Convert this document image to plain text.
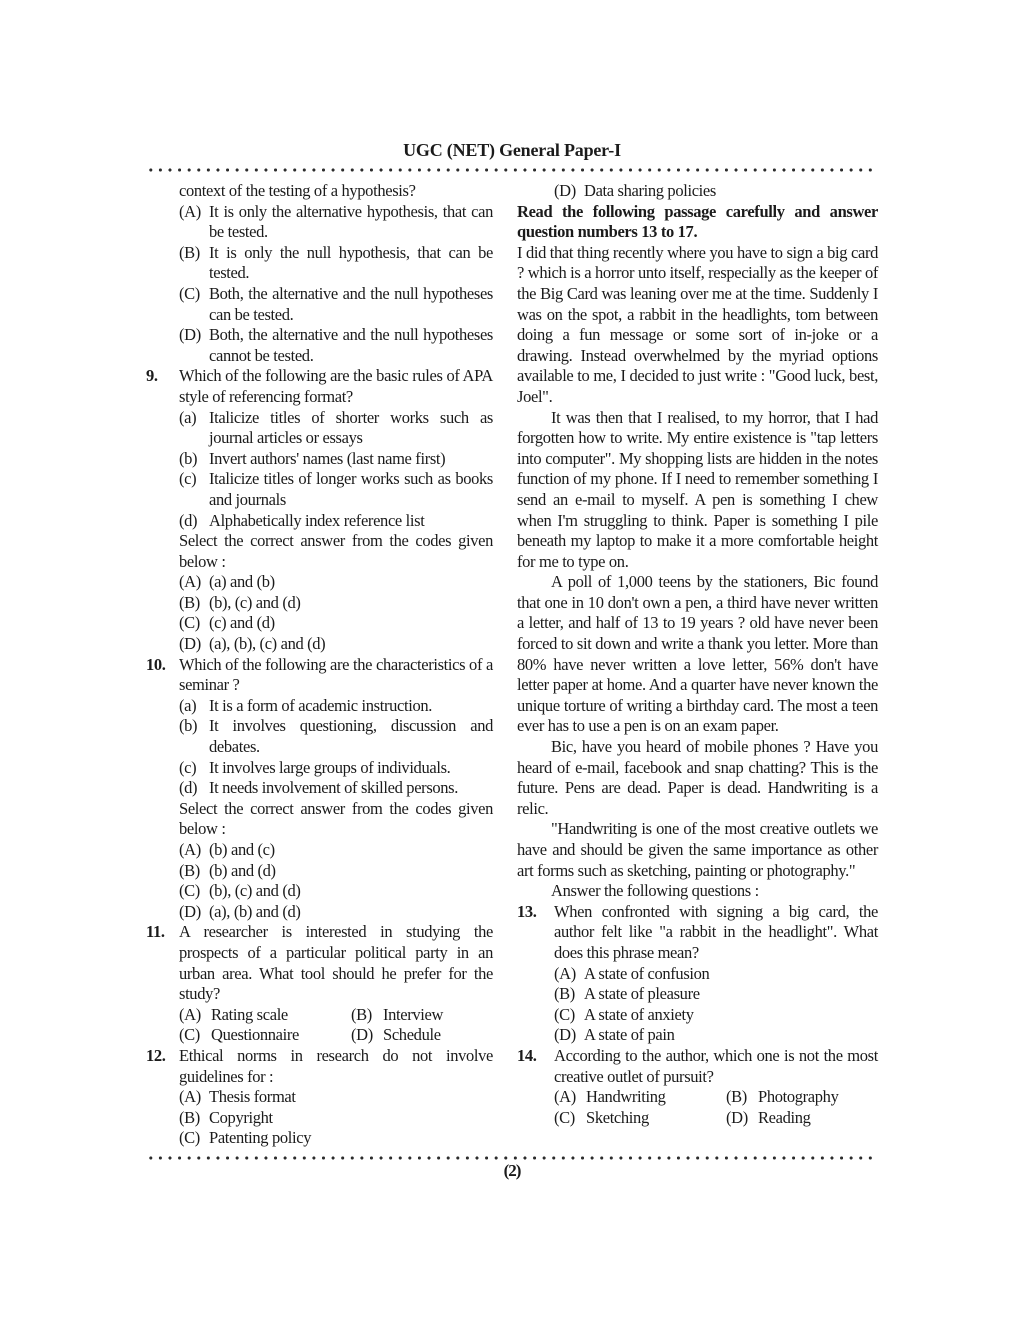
UGC (NET) General Paper-I
context of the testing of a hypothesis?
(A) It is only the alternative hypothesis, that can be tested.
(B) It is only the null hypothesis, that can be tested.
(C) Both, the alternative and the null hypotheses can be tested.
(D) Both, the alternative and the null hypotheses cannot be tested.
9.	Which of the following are the basic rules of APA style of referencing format?
(a) Italicize titles of shorter works such as journal articles or essays
(b) Invert authors' names (last name first)
(c) Italicize titles of longer works such as books and journals
(d) Alphabetically index reference list
Select the correct answer from the codes given below :
(A) (a) and (b)
(B) (b), (c) and (d)
(C) (c) and (d)
(D) (a), (b), (c) and (d)
10. Which of the following are the characteristics of a seminar ?
(a) It is a form of academic instruction.
(b) It involves questioning, discussion and debates.
(c) It involves large groups of individuals.
(d) It needs involvement of skilled persons.
Select the correct answer from the codes given below :
(A) (b) and (c)
(B) (b) and (d)
(C) (b), (c) and (d)
(D) (a), (b) and (d)
11. A researcher is interested in studying the prospects of a particular political party in an urban area. What tool should he prefer for the study?
(A) Rating scale	(B) Interview
(C) Questionnaire	(D) Schedule
12. Ethical norms in research do not involve guidelines for :
(A) Thesis format
(B) Copyright
(C) Patenting policy
(D) Data sharing policies
Read the following passage carefully and answer question numbers 13 to 17.
I did that thing recently where you have to sign a big card ? which is a horror unto itself, respecially as the keeper of the Big Card was leaning over me at the time. Suddenly I was on the spot, a rabbit in the headlights, tom between doing a fun message or some sort of in-joke or a drawing. Instead overwhelmed by the myriad options available to me, I decided to just write : "Good luck, best, Joel".
It was then that I realised, to my horror, that I had forgotten how to write. My entire existence is "tap letters into computer". My shopping lists are hidden in the notes function of my phone. If I need to remember something I send an e-mail to myself. A pen is something I chew when I'm struggling to think. Paper is something I pile beneath my laptop to make it a more comfortable height for me to type on.
A poll of 1,000 teens by the stationers, Bic found that one in 10 don't own a pen, a third have never written a letter, and half of 13 to 19 years ? old have never been forced to sit down and write a thank you letter. More than 80% have never written a love letter, 56% don't have letter paper at home. And a quarter have never known the unique torture of writing a birthday card. The most a teen ever has to use a pen is on an exam paper.
Bic, have you heard of mobile phones ? Have you heard of e-mail, facebook and snap chatting? This is the future. Pens are dead. Paper is dead. Handwriting is a relic.
"Handwriting is one of the most creative outlets we have and should be given the same importance as other art forms such as sketching, painting or photography."
Answer the following questions :
13.	When confronted with signing a big card, the author felt like "a rabbit in the headlight". What does this phrase mean?
(A) A state of confusion
(B) A state of pleasure
(C) A state of anxiety
(D) A state of pain
14.	According to the author, which one is not the most creative outlet of pursuit?
(A) Handwriting	(B) Photography
(C) Sketching	(D) Reading
(2)
